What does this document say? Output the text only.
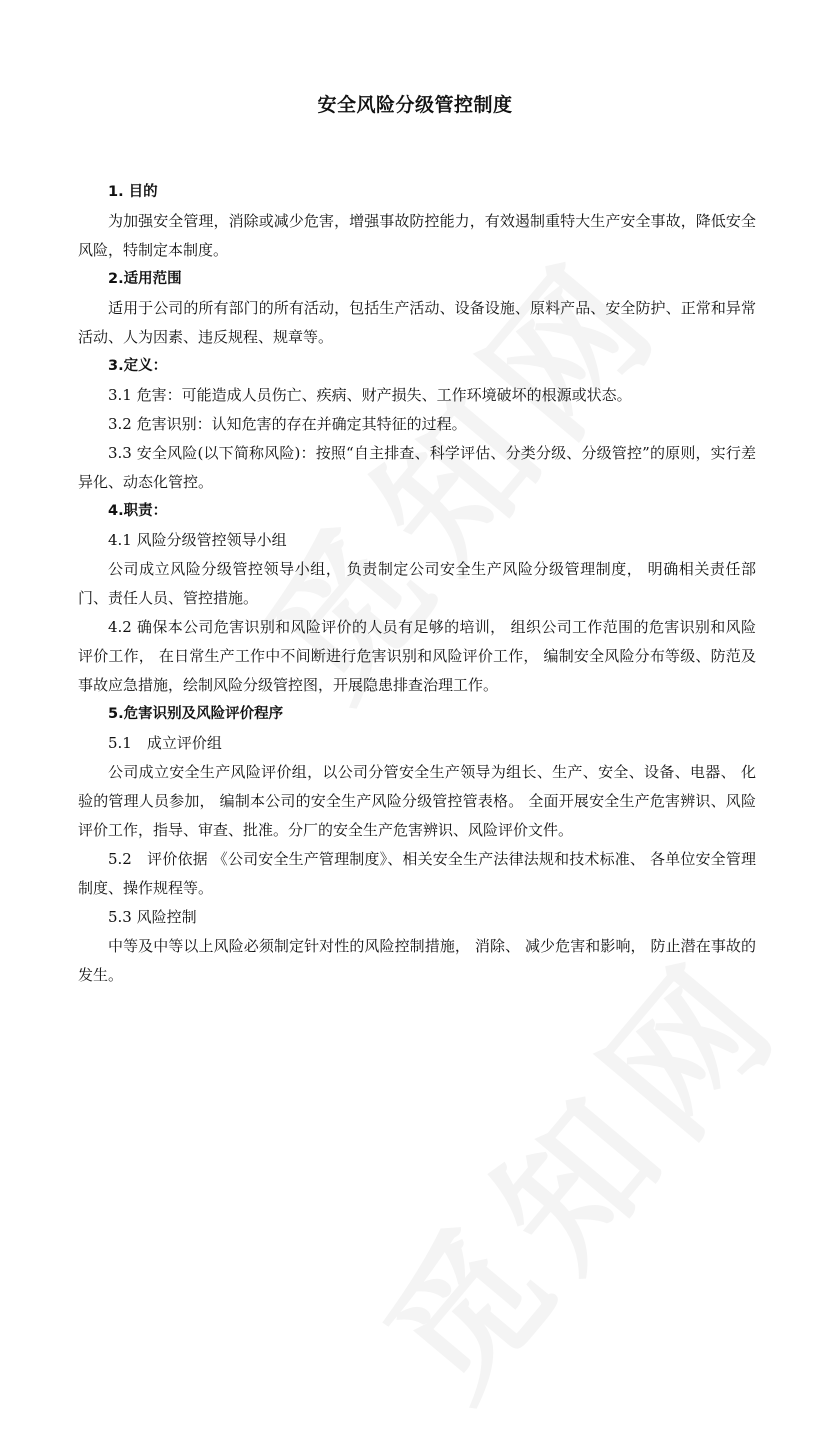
安全风险分级管控制度
1. 目的
为加强安全管理，消除或减少危害，增强事故防控能力，有效遏制重特大生产安全事故，降低安全风险，特制定本制度。
2.适用范围
适用于公司的所有部门的所有活动，包括生产活动、设备设施、原料产品、安全防护、正常和异常活动、人为因素、违反规程、规章等。
3.定义：
3.1 危害：可能造成人员伤亡、疾病、财产损失、工作环境破坏的根源或状态。
3.2 危害识别：认知危害的存在并确定其特征的过程。
3.3 安全风险(以下简称风险)：按照“自主排查、科学评估、分类分级、分级管控”的原则，实行差异化、动态化管控。
4.职责：
4.1 风险分级管控领导小组
公司成立风险分级管控领导小组， 负责制定公司安全生产风险分级管理制度， 明确相关责任部门、责任人员、管控措施。
4.2 确保本公司危害识别和风险评价的人员有足够的培训， 组织公司工作范围的危害识别和风险评价工作， 在日常生产工作中不间断进行危害识别和风险评价工作， 编制安全风险分布等级、防范及事故应急措施，绘制风险分级管控图，开展隐患排查治理工作。
5.危害识别及风险评价程序
5.1　成立评价组
公司成立安全生产风险评价组，以公司分管安全生产领导为组长、生产、安全、设备、电器、 化验的管理人员参加， 编制本公司的安全生产风险分级管控管表格。 全面开展安全生产危害辨识、风险评价工作，指导、审查、批准。分厂的安全生产危害辨识、风险评价文件。
5.2　评价依据 《公司安全生产管理制度》、相关安全生产法律法规和技术标准、 各单位安全管理制度、操作规程等。
5.3 风险控制
中等及中等以上风险必须制定针对性的风险控制措施， 消除、 减少危害和影响， 防止潜在事故的发生。
